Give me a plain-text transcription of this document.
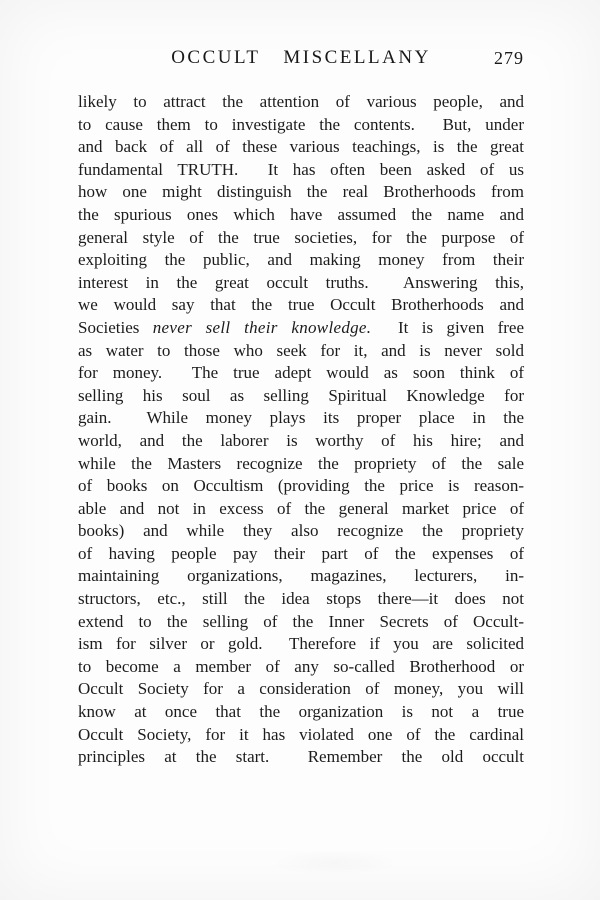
OCCULT MISCELLANY	279
likely to attract the attention of various people, and
to cause them to investigate the contents.  But, under
and back of all of these various teachings, is the great
fundamental TRUTH.  It has often been asked of us
how one might distinguish the real Brotherhoods from
the spurious ones which have assumed the name and
general style of the true societies, for the purpose of
exploiting the public, and making money from their
interest in the great occult truths.  Answering this,
we would say that the true Occult Brotherhoods and
Societies never sell their knowledge.  It is given free
as water to those who seek for it, and is never sold
for money.  The true adept would as soon think of
selling his soul as selling Spiritual Knowledge for
gain.  While money plays its proper place in the
world, and the laborer is worthy of his hire; and
while the Masters recognize the propriety of the sale
of books on Occultism (providing the price is reason-
able and not in excess of the general market price of
books) and while they also recognize the propriety
of having people pay their part of the expenses of
maintaining organizations, magazines, lecturers, in-
structors, etc., still the idea stops there—it does not
extend to the selling of the Inner Secrets of Occult-
ism for silver or gold.  Therefore if you are solicited
to become a member of any so-called Brotherhood or
Occult Society for a consideration of money, you will
know at once that the organization is not a true
Occult Society, for it has violated one of the cardinal
principles at the start.  Remember the old occult
